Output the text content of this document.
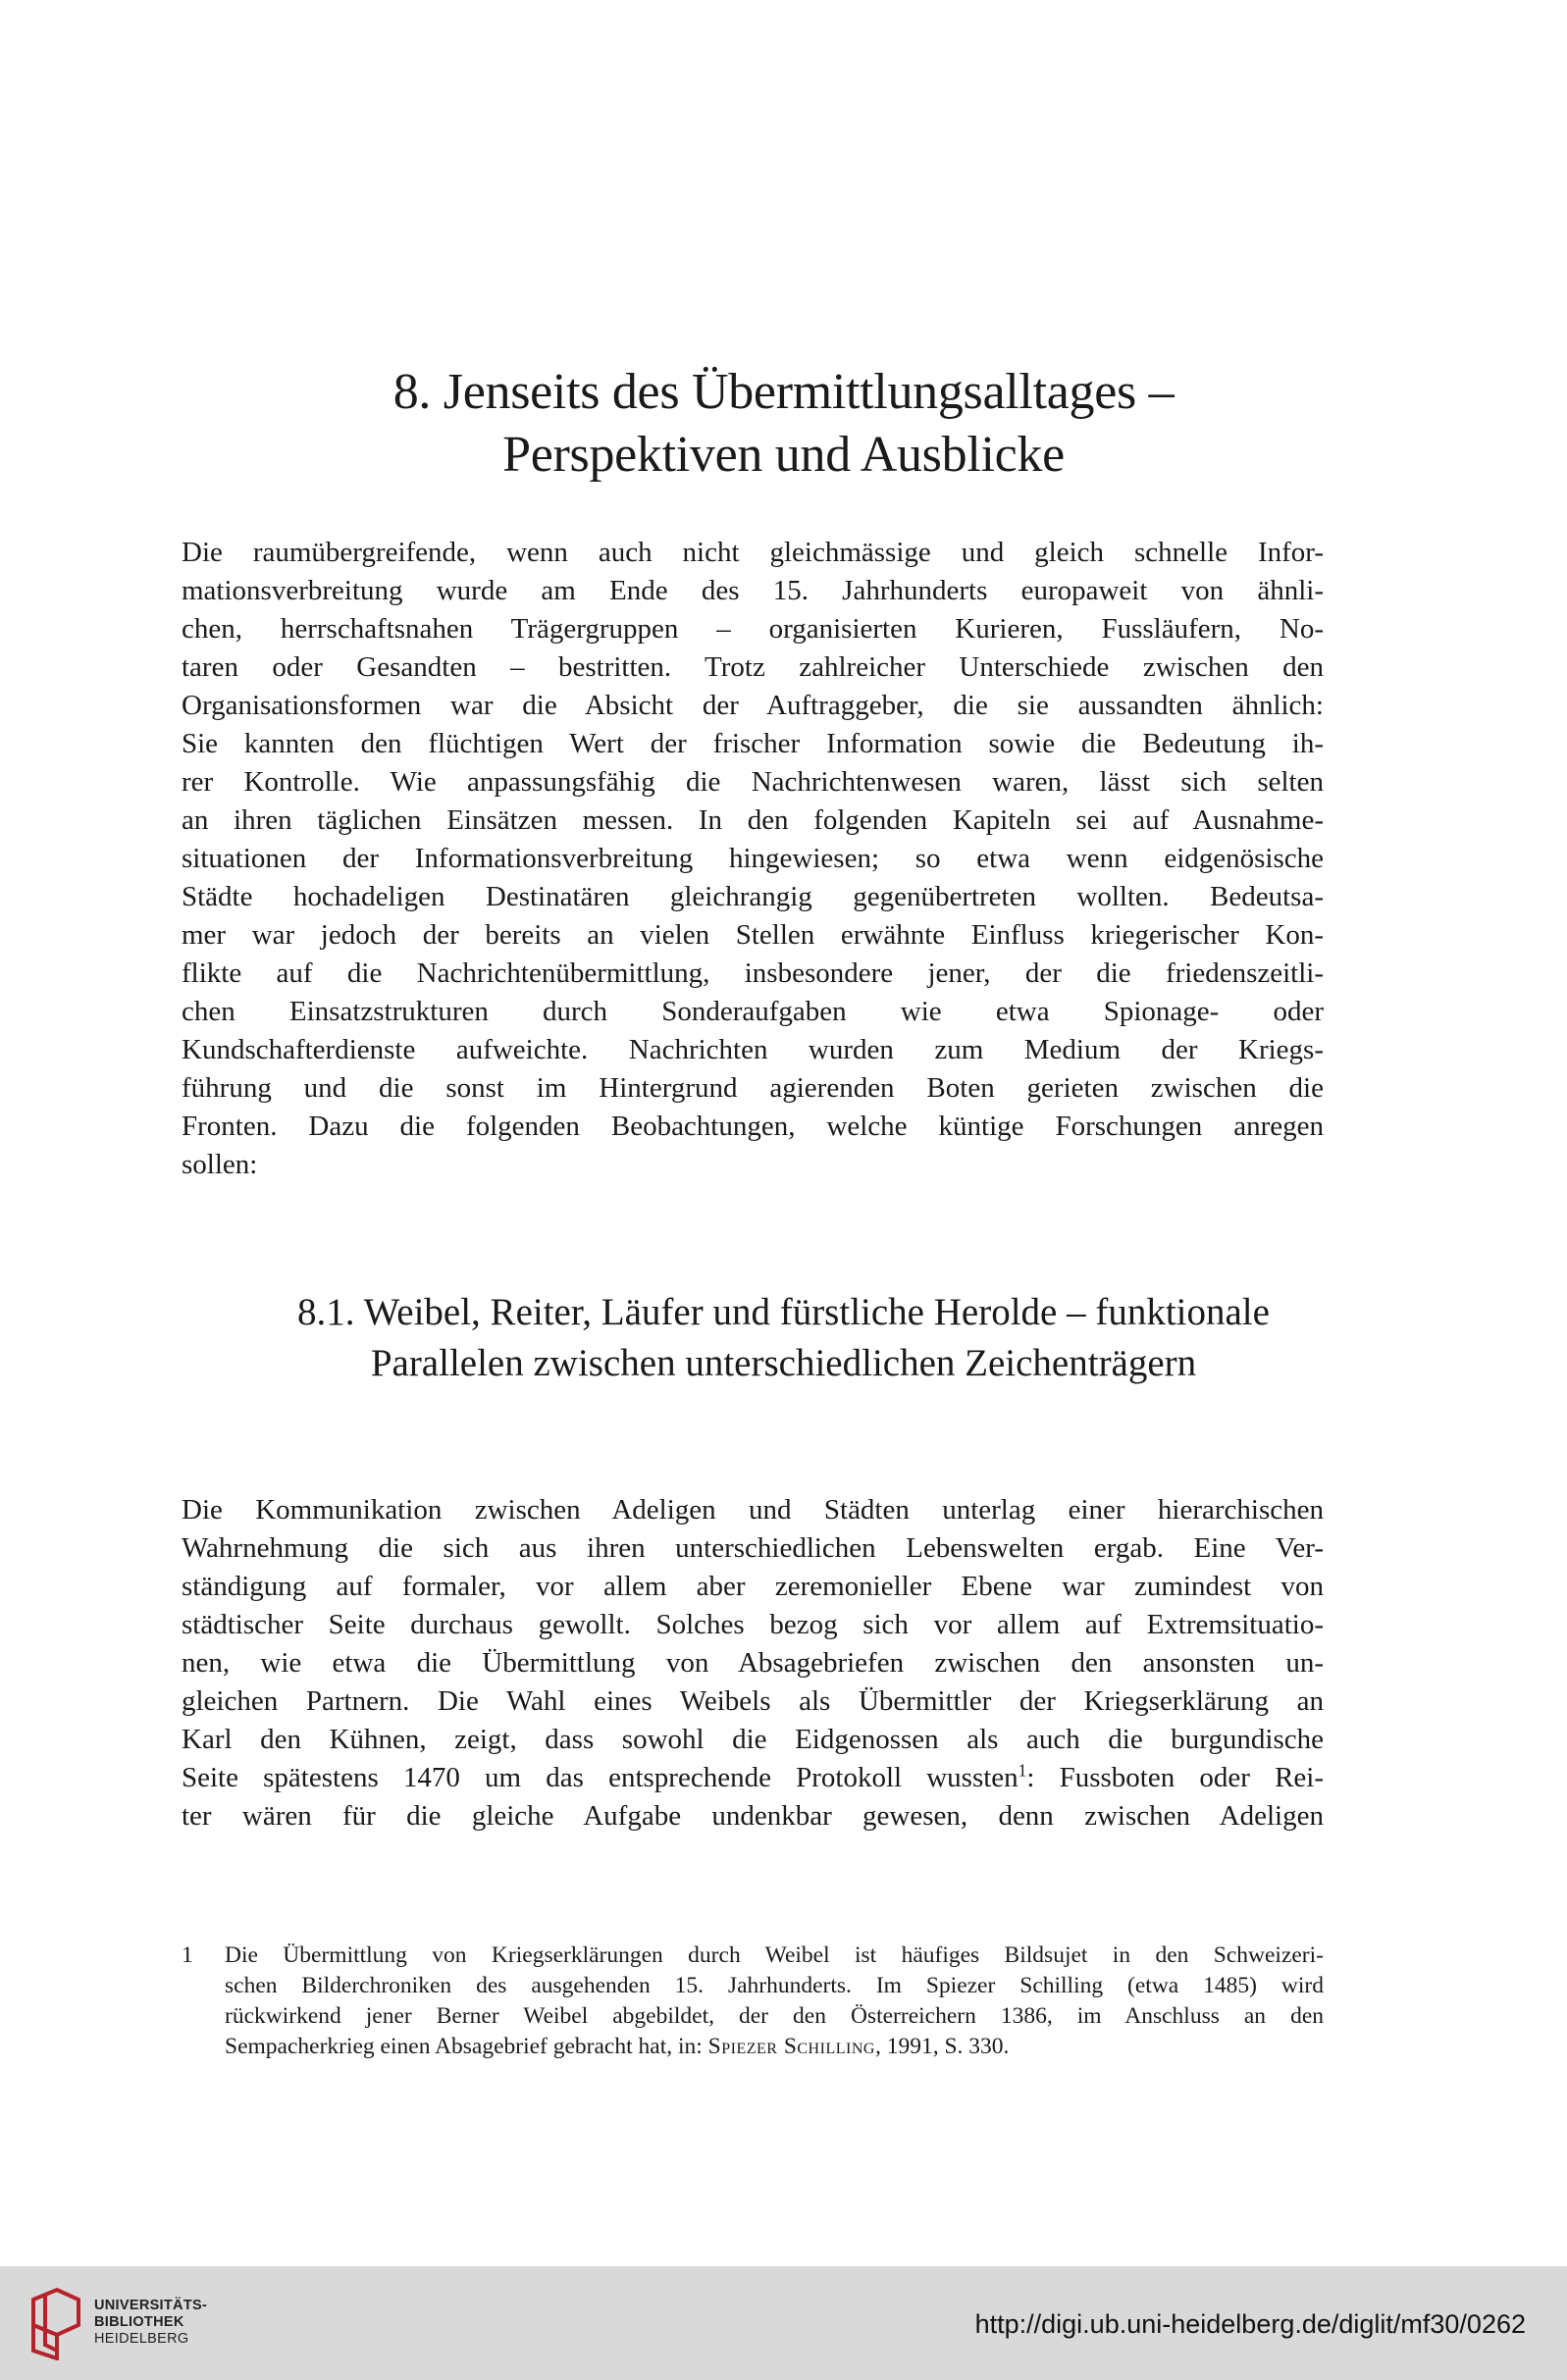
8. Jenseits des Übermittlungsalltages –
Perspektiven und Ausblicke
Die raumübergreifende, wenn auch nicht gleichmässige und gleich schnelle Infor-
mationsverbreitung wurde am Ende des 15. Jahrhunderts europaweit von ähnli-
chen, herrschaftsnahen Trägergruppen – organisierten Kurieren, Fussläufern, No-
taren oder Gesandten – bestritten. Trotz zahlreicher Unterschiede zwischen den
Organisationsformen war die Absicht der Auftraggeber, die sie aussandten ähnlich:
Sie kannten den flüchtigen Wert der frischer Information sowie die Bedeutung ih-
rer Kontrolle. Wie anpassungsfähig die Nachrichtenwesen waren, lässt sich selten
an ihren täglichen Einsätzen messen. In den folgenden Kapiteln sei auf Ausnahme-
situationen der Informationsverbreitung hingewiesen; so etwa wenn eidgenösische
Städte hochadeligen Destinatären gleichrangig gegenübertreten wollten. Bedeutsa-
mer war jedoch der bereits an vielen Stellen erwähnte Einfluss kriegerischer Kon-
flikte auf die Nachrichtenübermittlung, insbesondere jener, der die friedenszeitli-
chen Einsatzstrukturen durch Sonderaufgaben wie etwa Spionage- oder
Kundschafterdienste aufweichte. Nachrichten wurden zum Medium der Kriegs-
führung und die sonst im Hintergrund agierenden Boten gerieten zwischen die
Fronten. Dazu die folgenden Beobachtungen, welche küntige Forschungen anregen
sollen:
8.1. Weibel, Reiter, Läufer und fürstliche Herolde – funktionale
Parallelen zwischen unterschiedlichen Zeichenträgern
Die Kommunikation zwischen Adeligen und Städten unterlag einer hierarchischen
Wahrnehmung die sich aus ihren unterschiedlichen Lebenswelten ergab. Eine Ver-
ständigung auf formaler, vor allem aber zeremonieller Ebene war zumindest von
städtischer Seite durchaus gewollt. Solches bezog sich vor allem auf Extremsituatio-
nen, wie etwa die Übermittlung von Absagebriefen zwischen den ansonsten un-
gleichen Partnern. Die Wahl eines Weibels als Übermittler der Kriegserklärung an
Karl den Kühnen, zeigt, dass sowohl die Eidgenossen als auch die burgundische
Seite spätestens 1470 um das entsprechende Protokoll wussten$^1$: Fussboten oder Rei-
ter wären für die gleiche Aufgabe undenkbar gewesen, denn zwischen Adeligen
1 Die Übermittlung von Kriegserklärungen durch Weibel ist häufiges Bildsujet in den Schweizeri-
schen Bilderchroniken des ausgehenden 15. Jahrhunderts. Im Spiezer Schilling (etwa 1485) wird
rückwirkend jener Berner Weibel abgebildet, der den Österreichern 1386, im Anschluss an den
Sempacherkrieg einen Absagebrief gebracht hat, in: Spiezer Schilling, 1991, S. 330.
UNIVERSITÄTS-
BIBLIOTHEK
HEIDELBERG	http://digi.ub.uni-heidelberg.de/diglit/mf30/0262
